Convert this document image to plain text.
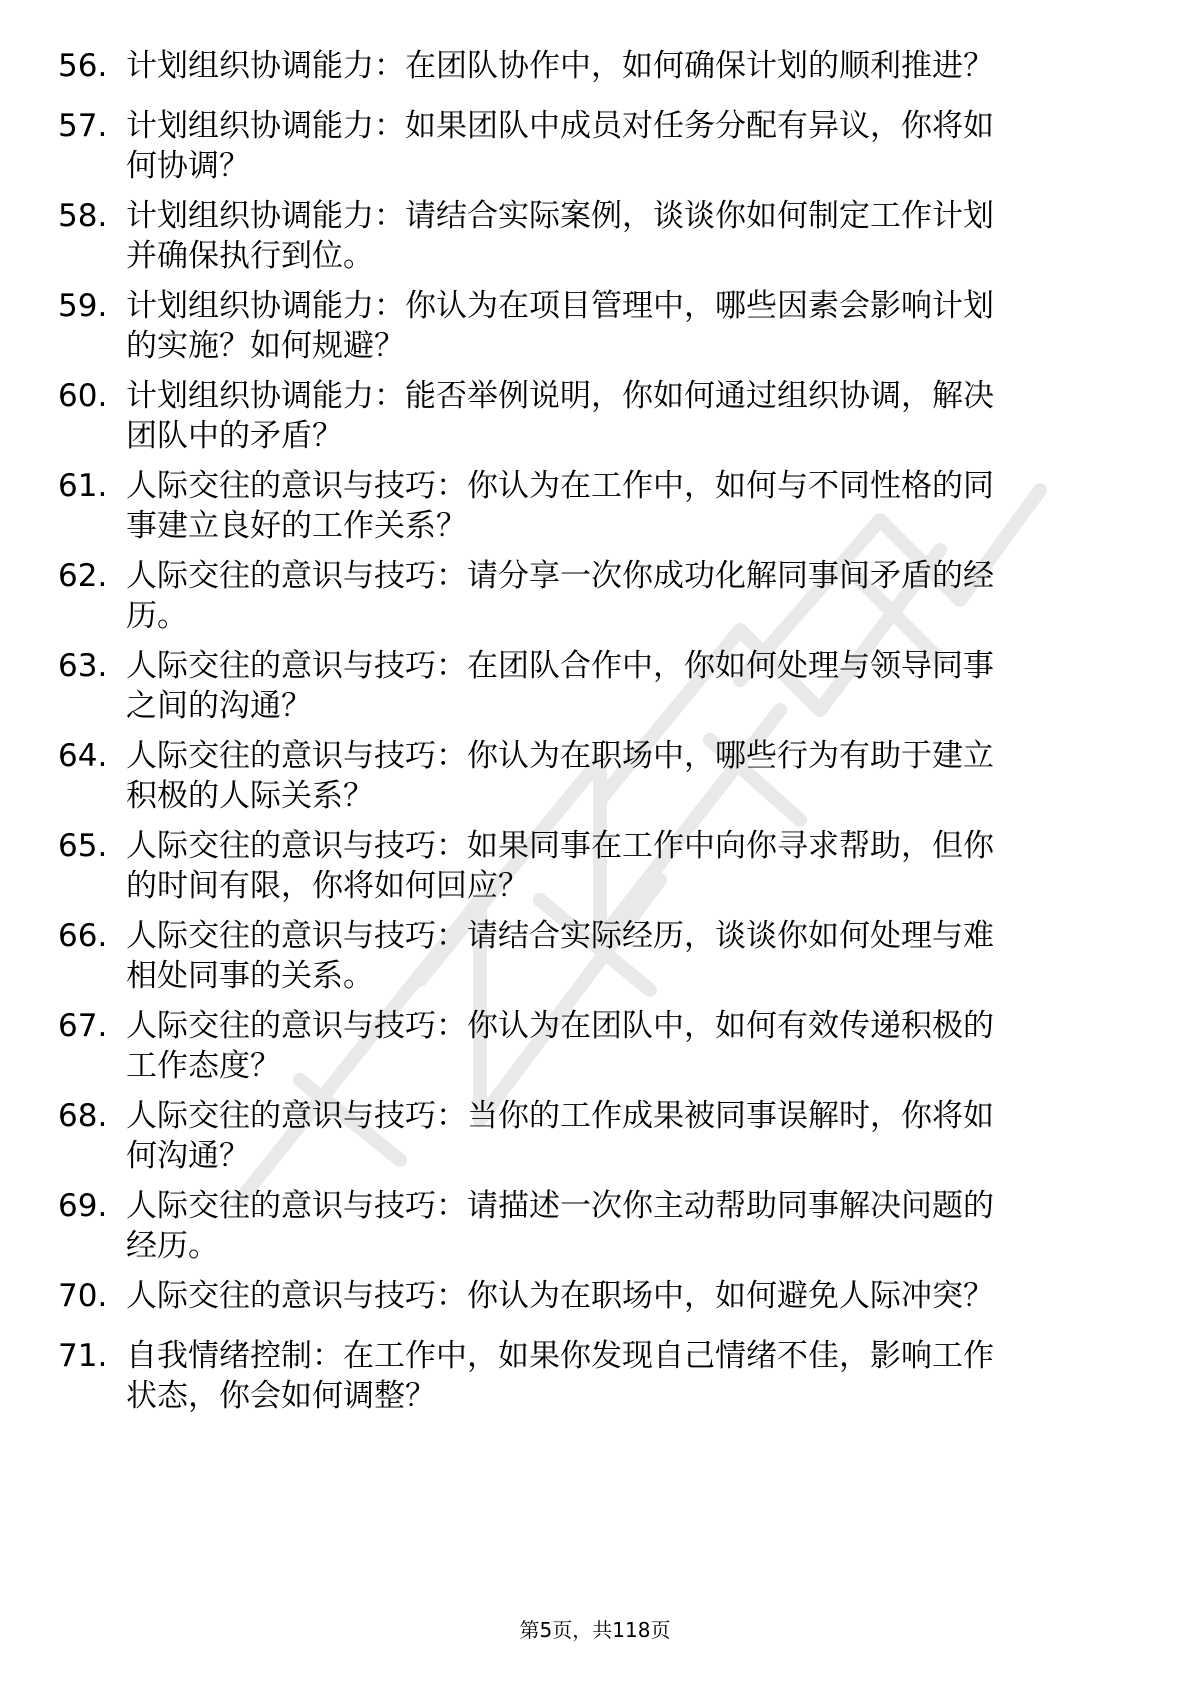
56. 计划组织协调能力：在团队协作中，如何确保计划的顺利推进？
57. 计划组织协调能力：如果团队中成员对任务分配有异议，你将如
何协调？
58. 计划组织协调能力：请结合实际案例，谈谈你如何制定工作计划
并确保执行到位。
59. 计划组织协调能力：你认为在项目管理中，哪些因素会影响计划
的实施？如何规避？
60. 计划组织协调能力：能否举例说明，你如何通过组织协调，解决
团队中的矛盾？
61. 人际交往的意识与技巧：你认为在工作中，如何与不同性格的同
事建立良好的工作关系？
62. 人际交往的意识与技巧：请分享一次你成功化解同事间矛盾的经
历。
63. 人际交往的意识与技巧：在团队合作中，你如何处理与领导同事
之间的沟通？
64. 人际交往的意识与技巧：你认为在职场中，哪些行为有助于建立
积极的人际关系？
65. 人际交往的意识与技巧：如果同事在工作中向你寻求帮助，但你
的时间有限，你将如何回应？
66. 人际交往的意识与技巧：请结合实际经历，谈谈你如何处理与难
相处同事的关系。
67. 人际交往的意识与技巧：你认为在团队中，如何有效传递积极的
工作态度？
68. 人际交往的意识与技巧：当你的工作成果被同事误解时，你将如
何沟通？
69. 人际交往的意识与技巧：请描述一次你主动帮助同事解决问题的
经历。
70. 人际交往的意识与技巧：你认为在职场中，如何避免人际冲突？
71. 自我情绪控制：在工作中，如果你发现自己情绪不佳，影响工作
状态，你会如何调整？
第5页，共118页
